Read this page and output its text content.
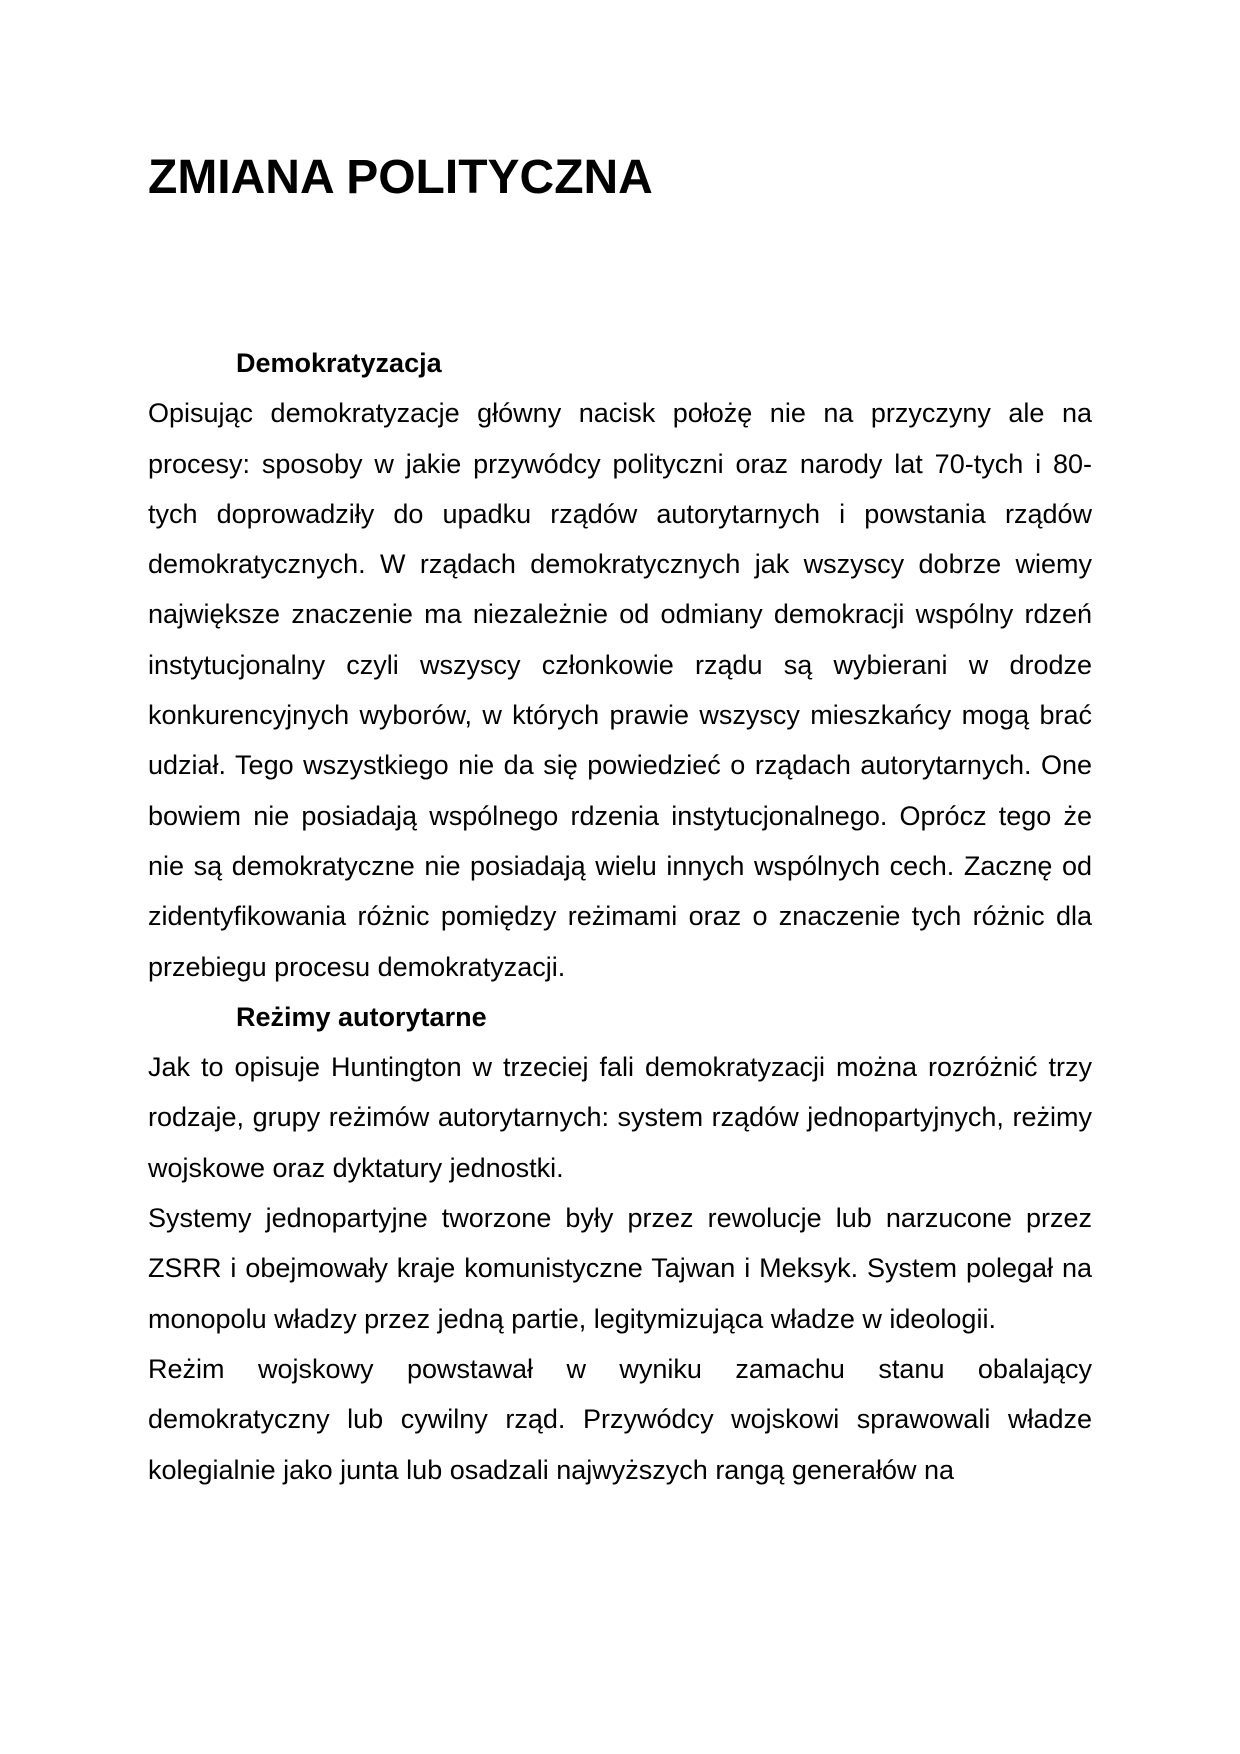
ZMIANA POLITYCZNA
Demokratyzacja

Opisując demokratyzacje główny nacisk położę nie na przyczyny ale na procesy: sposoby w jakie przywódcy polityczni oraz narody lat 70-tych i 80-tych doprowadziły do upadku rządów autorytarnych i powstania rządów demokratycznych. W rządach demokratycznych jak wszyscy dobrze wiemy największe znaczenie ma niezależnie od odmiany demokracji wspólny rdzeń instytucjonalny czyli wszyscy członkowie rządu są wybierani w drodze konkurencyjnych wyborów, w których prawie wszyscy mieszkańcy mogą brać udział. Tego wszystkiego nie da się powiedzieć o rządach autorytarnych. One bowiem nie posiadają wspólnego rdzenia instytucjonalnego. Oprócz tego że nie są demokratyczne nie posiadają wielu innych wspólnych cech. Zacznę od zidentyfikowania różnic pomiędzy reżimami oraz o znaczenie tych różnic dla przebiegu procesu demokratyzacji.

Reżimy autorytarne

Jak to opisuje Huntington w trzeciej fali demokratyzacji można rozróżnić trzy rodzaje, grupy reżimów autorytarnych: system rządów jednopartyjnych, reżimy wojskowe oraz dyktatury jednostki.

Systemy jednopartyjne tworzone były przez rewolucje lub narzucone przez ZSRR i obejmowały kraje komunistyczne Tajwan i Meksyk. System polegał na monopolu władzy przez jedną partie, legitymizująca władze w ideologii.

Reżim wojskowy powstawał w wyniku zamachu stanu obalający demokratyczny lub cywilny rząd. Przywódcy wojskowi sprawowali władze kolegialnie jako junta lub osadzali najwyższych rangą generałów na
